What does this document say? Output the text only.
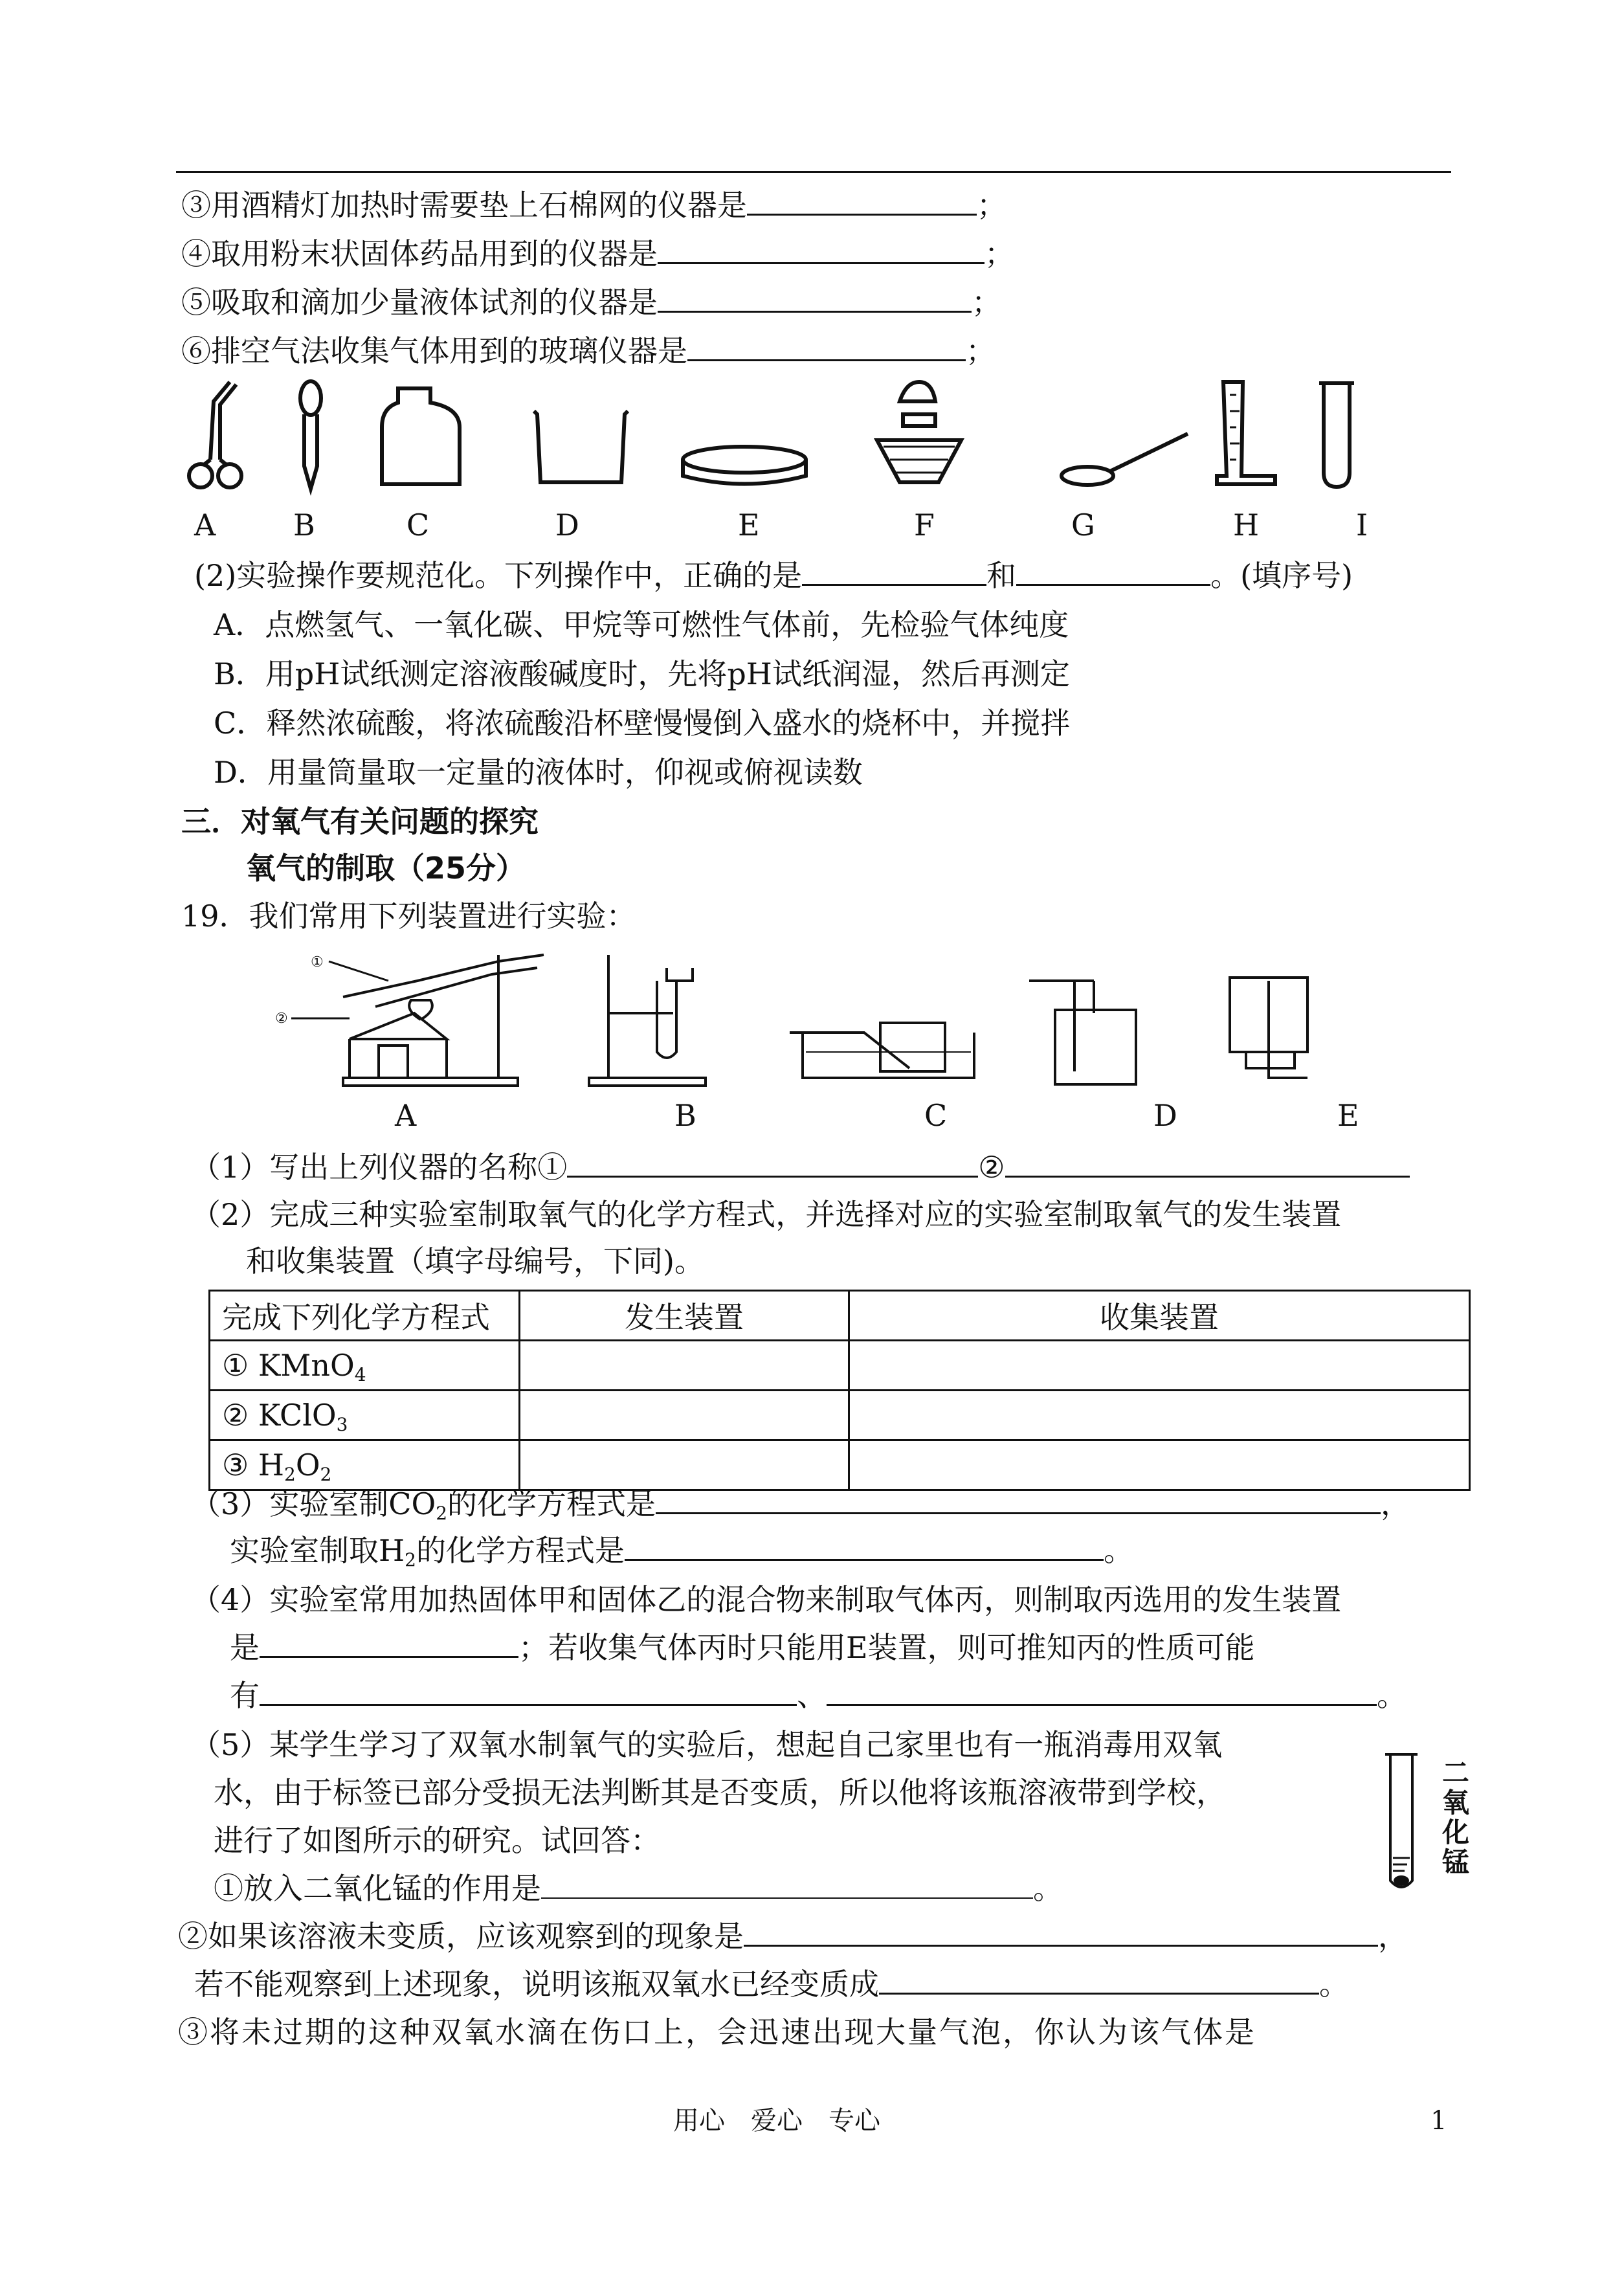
③用酒精灯加热时需要垫上石棉网的仪器是	；
④取用粉末状固体药品用到的仪器是	；
⑤吸取和滴加少量液体试剂的仪器是	；
⑥排空气法收集气体用到的玻璃仪器是	；
A	B	C	D	E	F	G	H	I
(2)实验操作要规范化。下列操作中，正确的是	和	。(填序号)
A．点燃氢气、一氧化碳、甲烷等可燃性气体前，先检验气体纯度
B．用pH试纸测定溶液酸碱度时，先将pH试纸润湿，然后再测定
C．释然浓硫酸，将浓硫酸沿杯壁慢慢倒入盛水的烧杯中，并搅拌
D．用量筒量取一定量的液体时，仰视或俯视读数
三．对氧气有关问题的探究
氧气的制取（25分）
19．我们常用下列装置进行实验：
①
②
A	B	C	D	E
（1）写出上列仪器的名称①	②
（2）完成三种实验室制取氧气的化学方程式，并选择对应的实验室制取氧气的发生装置
和收集装置（填字母编号，下同)。
完成下列化学方程式	发生装置	收集装置
① KMnO$_4$		
② KClO$_3$		
③ $H_2O_2$		
（3）实验室制$CO_2$的化学方程式是	，
实验室制取$H_2$的化学方程式是	。
（4）实验室常用加热固体甲和固体乙的混合物来制取气体丙，则制取丙选用的发生装置
是	；若收集气体丙时只能用E装置，则可推知丙的性质可能
有	、	。
（5）某学生学习了双氧水制氧气的实验后，想起自己家里也有一瓶消毒用双氧
水，由于标签已部分受损无法判断其是否变质，所以他将该瓶溶液带到学校，
进行了如图所示的研究。试回答：
①放入二氧化锰的作用是	。
二
氧
化
锰
②如果该溶液未变质，应该观察到的现象是	，
若不能观察到上述现象，说明该瓶双氧水已经变质成	。
③将未过期的这种双氧水滴在伤口上，会迅速出现大量气泡，你认为该气体是
用心　爱心　专心	1
